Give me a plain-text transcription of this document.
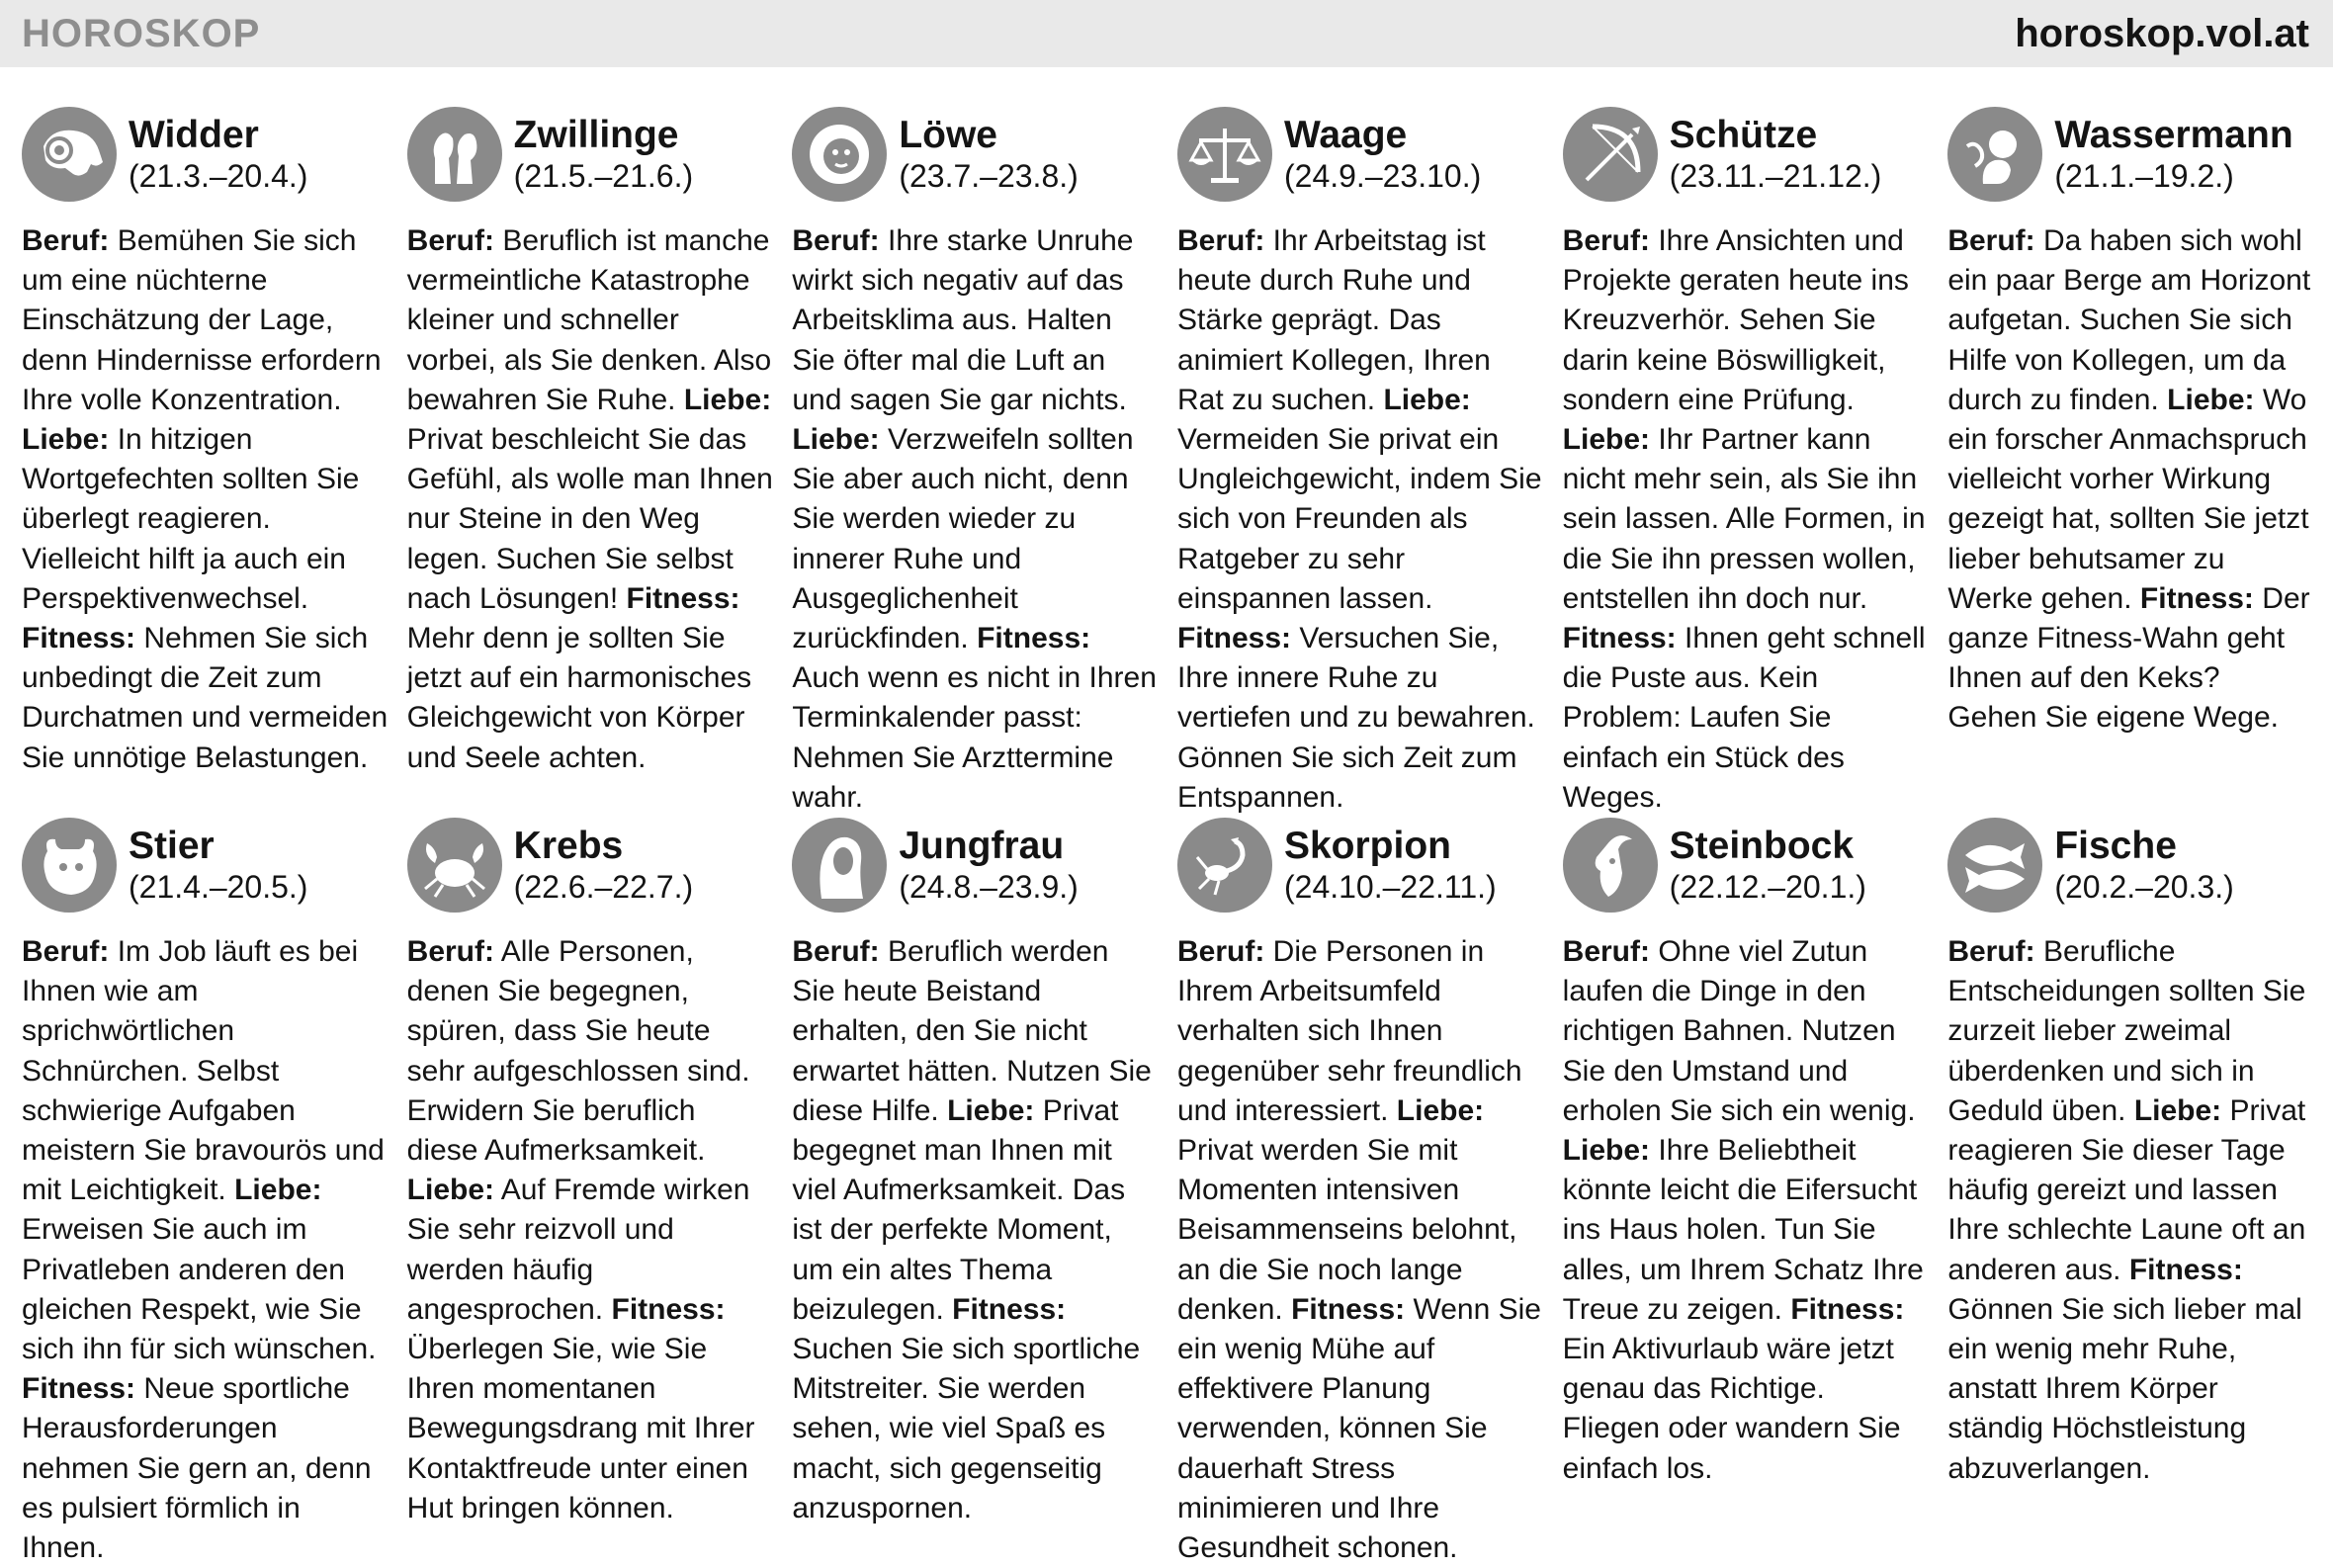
HOROSKOP	horoskop.vol.at
Widder
(21.3.–20.4.)
Beruf: Bemühen Sie sich um eine nüchterne Einschätzung der Lage, denn Hindernisse erfordern Ihre volle Konzentration. Liebe: In hitzigen Wortgefechten sollten Sie überlegt reagieren. Vielleicht hilft ja auch ein Perspektivenwechsel. Fitness: Nehmen Sie sich unbedingt die Zeit zum Durchatmen und vermeiden Sie unnötige Belastungen.
Zwillinge
(21.5.–21.6.)
Beruf: Beruflich ist manche vermeintliche Katastrophe kleiner und schneller vorbei, als Sie denken. Also bewahren Sie Ruhe. Liebe: Privat beschleicht Sie das Gefühl, als wolle man Ihnen nur Steine in den Weg legen. Suchen Sie selbst nach Lösungen! Fitness: Mehr denn je sollten Sie jetzt auf ein harmonisches Gleichgewicht von Körper und Seele achten.
Löwe
(23.7.–23.8.)
Beruf: Ihre starke Unruhe wirkt sich negativ auf das Arbeitsklima aus. Halten Sie öfter mal die Luft an und sagen Sie gar nichts. Liebe: Verzweifeln sollten Sie aber auch nicht, denn Sie werden wieder zu innerer Ruhe und Ausgeglichenheit zurückfinden. Fitness: Auch wenn es nicht in Ihren Terminkalender passt: Nehmen Sie Arzttermine wahr.
Waage
(24.9.–23.10.)
Beruf: Ihr Arbeitstag ist heute durch Ruhe und Stärke geprägt. Das animiert Kollegen, Ihren Rat zu suchen. Liebe: Vermeiden Sie privat ein Ungleichgewicht, indem Sie sich von Freunden als Ratgeber zu sehr einspannen lassen. Fitness: Versuchen Sie, Ihre innere Ruhe zu vertiefen und zu bewahren. Gönnen Sie sich Zeit zum Entspannen.
Schütze
(23.11.–21.12.)
Beruf: Ihre Ansichten und Projekte geraten heute ins Kreuzverhör. Sehen Sie darin keine Böswilligkeit, sondern eine Prüfung. Liebe: Ihr Partner kann nicht mehr sein, als Sie ihn sein lassen. Alle Formen, in die Sie ihn pressen wollen, entstellen ihn doch nur. Fitness: Ihnen geht schnell die Puste aus. Kein Problem: Laufen Sie einfach ein Stück des Weges.
Wassermann
(21.1.–19.2.)
Beruf: Da haben sich wohl ein paar Berge am Horizont aufgetan. Suchen Sie sich Hilfe von Kollegen, um da durch zu finden. Liebe: Wo ein forscher Anmachspruch vielleicht vorher Wirkung gezeigt hat, sollten Sie jetzt lieber behutsamer zu Werke gehen. Fitness: Der ganze Fitness-Wahn geht Ihnen auf den Keks? Gehen Sie eigene Wege.
Stier
(21.4.–20.5.)
Beruf: Im Job läuft es bei Ihnen wie am sprichwörtlichen Schnürchen. Selbst schwierige Aufgaben meistern Sie bravourös und mit Leichtigkeit. Liebe: Erweisen Sie auch im Privatleben anderen den gleichen Respekt, wie Sie sich ihn für sich wünschen. Fitness: Neue sportliche Herausforderungen nehmen Sie gern an, denn es pulsiert förmlich in Ihnen.
Krebs
(22.6.–22.7.)
Beruf: Alle Personen, denen Sie begegnen, spüren, dass Sie heute sehr aufgeschlossen sind. Erwidern Sie beruflich diese Aufmerksamkeit. Liebe: Auf Fremde wirken Sie sehr reizvoll und werden häufig angesprochen. Fitness: Überlegen Sie, wie Sie Ihren momentanen Bewegungsdrang mit Ihrer Kontaktfreude unter einen Hut bringen können.
Jungfrau
(24.8.–23.9.)
Beruf: Beruflich werden Sie heute Beistand erhalten, den Sie nicht erwartet hätten. Nutzen Sie diese Hilfe. Liebe: Privat begegnet man Ihnen mit viel Aufmerksamkeit. Das ist der perfekte Moment, um ein altes Thema beizulegen. Fitness: Suchen Sie sich sportliche Mitstreiter. Sie werden sehen, wie viel Spaß es macht, sich gegenseitig anzuspornen.
Skorpion
(24.10.–22.11.)
Beruf: Die Personen in Ihrem Arbeitsumfeld verhalten sich Ihnen gegenüber sehr freundlich und interessiert. Liebe: Privat werden Sie mit Momenten intensiven Beisammenseins belohnt, an die Sie noch lange denken. Fitness: Wenn Sie ein wenig Mühe auf effektivere Planung verwenden, können Sie dauerhaft Stress minimieren und Ihre Gesundheit schonen.
Steinbock
(22.12.–20.1.)
Beruf: Ohne viel Zutun laufen die Dinge in den richtigen Bahnen. Nutzen Sie den Umstand und erholen Sie sich ein wenig. Liebe: Ihre Beliebtheit könnte leicht die Eifersucht ins Haus holen. Tun Sie alles, um Ihrem Schatz Ihre Treue zu zeigen. Fitness: Ein Aktivurlaub wäre jetzt genau das Richtige. Fliegen oder wandern Sie einfach los.
Fische
(20.2.–20.3.)
Beruf: Berufliche Entscheidungen sollten Sie zurzeit lieber zweimal überdenken und sich in Geduld üben. Liebe: Privat reagieren Sie dieser Tage häufig gereizt und lassen Ihre schlechte Laune oft an anderen aus. Fitness: Gönnen Sie sich lieber mal ein wenig mehr Ruhe, anstatt Ihrem Körper ständig Höchstleistung abzuverlangen.
